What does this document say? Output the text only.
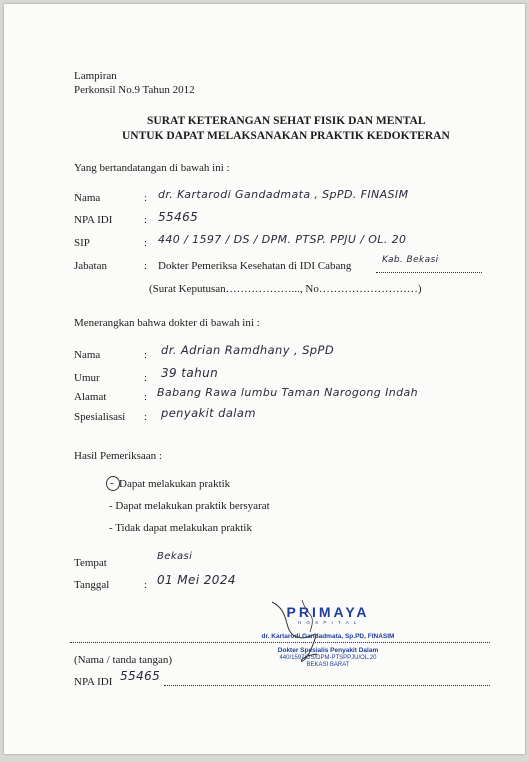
Lampiran
Perkonsil No.9 Tahun 2012
SURAT KETERANGAN SEHAT FISIK DAN MENTAL
UNTUK DAPAT MELAKSANAKAN PRAKTIK KEDOKTERAN
Yang bertandatangan di bawah ini :
Nama	: dr. Kartarodi Gandadmata , SpPD. FINASIM
NPA IDI	: 55465
SIP	: 440 / 1597 / DS / DPM. PTSP. PPJU / OL. 20
Jabatan	: Dokter Pemeriksa Kesehatan di IDI Cabang	Kab. Bekasi
(Surat Keputusan………………..., No………………………)
Menerangkan bahwa dokter di bawah ini :
Nama	: dr. Adrian Ramdhany , SpPD
Umur	: 39 tahun
Alamat	: Babang Rawa lumbu Taman Narogong Indah
Spesialisasi : penyakit dalam
Hasil Pemeriksaan :
- Dapat melakukan praktik
- Dapat melakukan praktik bersyarat
- Tidak dapat melakukan praktik
Tempat
Bekasi
Tanggal	: 01 Mei 2024
PRIMAYA
H O S P I T A L
dr. Kartarodi Gandadmata, Sp.PD, FINASIM
Dokter Spesialis Penyakit Dalam
440/1597/DS/DPM-PTSPPJU/OL.20
BEKASI BARAT
(Nama / tanda tangan)
NPA IDI 55465
